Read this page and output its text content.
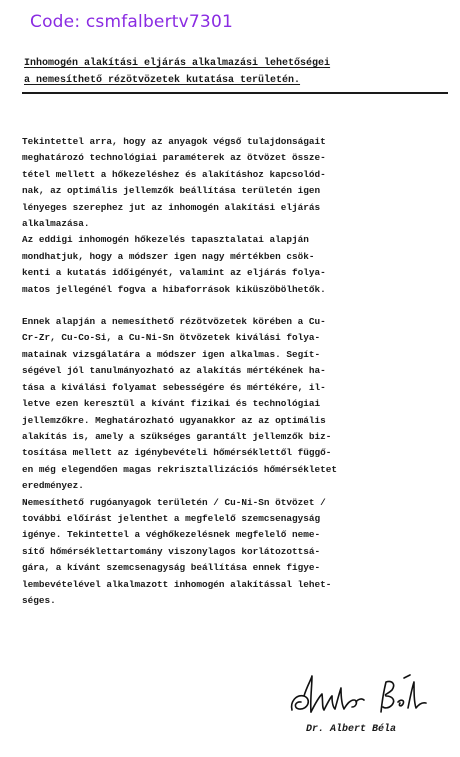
Code: csmfalbertv7301
Inhomogén alakítási eljárás alkalmazási lehetőségei
a nemesíthető rézötvözetek kutatása területén.
Tekintettel arra, hogy az anyagok végső tulajdonságait
meghatározó technológiai paraméterek az ötvözet össze-
tétel mellett a hőkezeléshez és alakításhoz kapcsolód-
nak, az optimális jellemzők beállítása területén igen
lényeges szerephez jut az inhomogén alakítási eljárás
alkalmazása.
Az eddigi inhomogén hőkezelés tapasztalatai alapján
mondhatjuk, hogy a módszer igen nagy mértékben csök-
kenti a kutatás időigényét, valamint az eljárás folya-
matos jellegénél fogva a hibaforrások kiküszöbölhetők.
Ennek alapján a nemesíthető rézötvözetek körében a Cu-
Cr-Zr, Cu-Co-Si, a Cu-Ni-Sn ötvözetek kiválási folya-
matainak vizsgálatára a módszer igen alkalmas. Segít-
ségével jól tanulmányozható az alakítás mértékének ha-
tása a kiválási folyamat sebességére és mértékére, il-
letve ezen keresztül a kívánt fizikai és technológiai
jellemzőkre. Meghatározható ugyanakkor az az optimális
alakítás is, amely a szükséges garantált jellemzők biz-
tosítása mellett az igénybevételi hőmérséklettől függő-
en még elegendően magas rekrisztallizációs hőmérsékletet
eredményez.
Nemesíthető rugóanyagok területén / Cu-Ni-Sn ötvözet /
további előírást jelenthet a megfelelő szemcsenagyság
igénye. Tekintettel a véghőkezelésnek megfelelő neme-
sítő hőmérséklettartomány viszonylagos korlátozottsá-
gára, a kívánt szemcsenagyság beállítása ennek figye-
lembevételével alkalmazott inhomogén alakítással lehet-
séges.
Dr. Albert Béla
